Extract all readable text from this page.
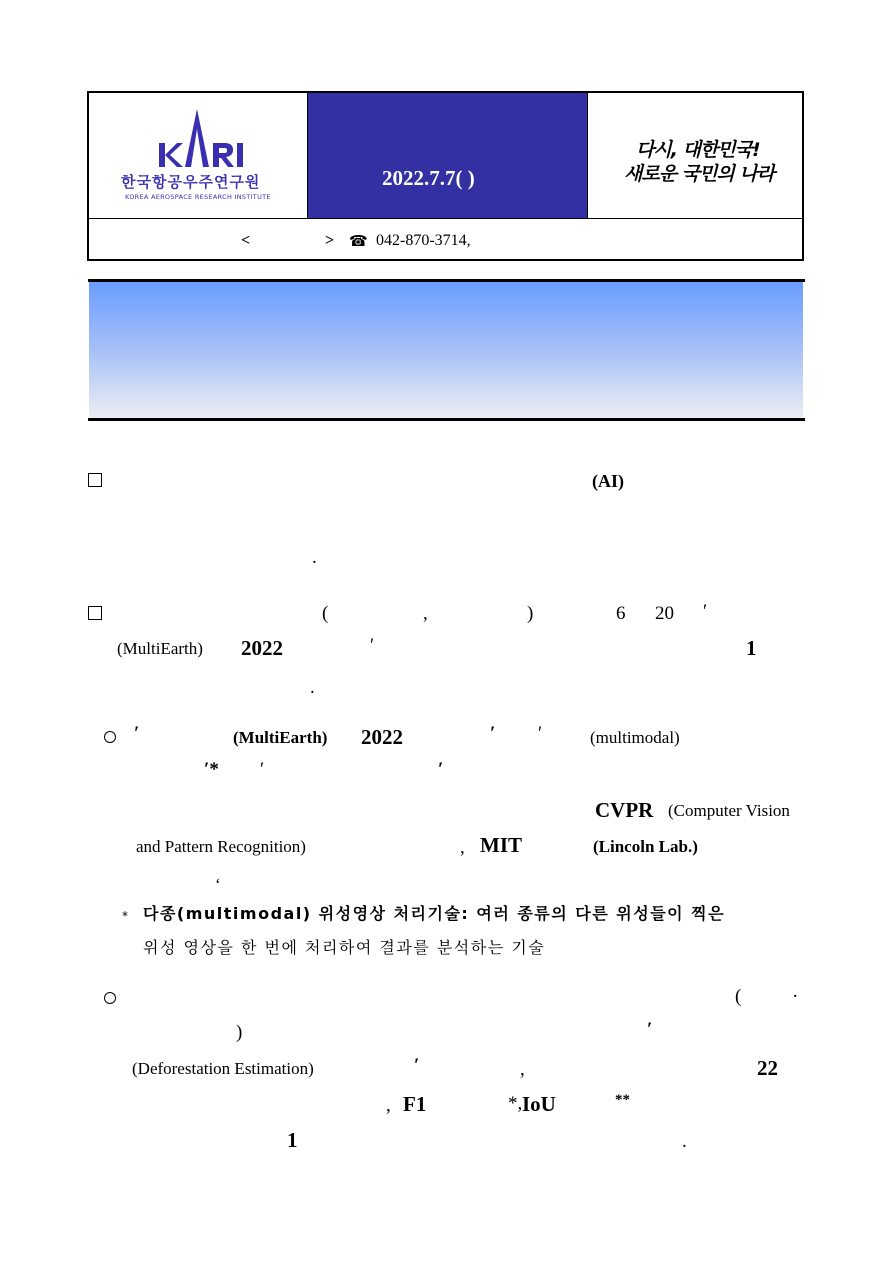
한국항공우주연구원
KOREA AEROSPACE RESEARCH INSTITUTE
2022.7.7( )
다시, 대한민국!
새로운 국민의 나라
<	> ☎ 042-870-3714,
(AI)
.
(	,	)	6 20 ′
(MultiEarth) 2022	′	1
.
′	(MultiEarth) 2022	′ ′	(multimodal)
′* ′	′
CVPR (Computer Vision
and Pattern Recognition)	, MIT	(Lincoln Lab.)
‘
* 다종(multimodal) 위성영상 처리기술: 여러 종류의 다른 위성들이 찍은
위성 영상을 한 번에 처리하여 결과를 분석하는 기술
(	·
)	′
(Deforestation Estimation)	′	,	22
, F1	*, IoU	**
1	.
